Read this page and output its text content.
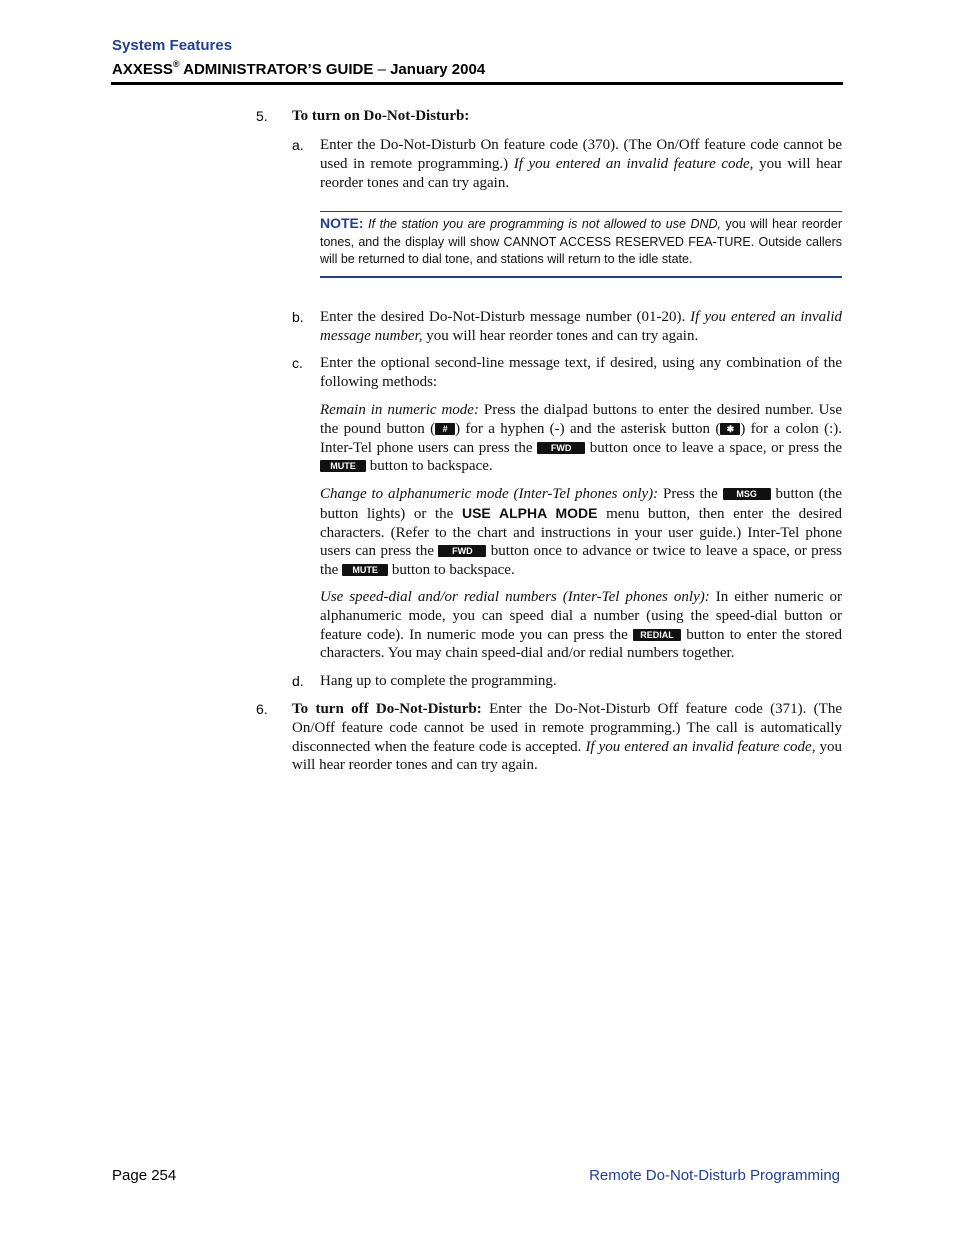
System Features
AXXESS® ADMINISTRATOR’S GUIDE – January 2004
5. To turn on Do-Not-Disturb:

a. Enter the Do-Not-Disturb On feature code (370). (The On/Off feature code cannot be used in remote programming.) If you entered an invalid feature code, you will hear reorder tones and can try again.

NOTE: If the station you are programming is not allowed to use DND, you will hear reorder tones, and the display will show CANNOT ACCESS RESERVED FEA-TURE. Outside callers will be returned to dial tone, and stations will return to the idle state.
b. Enter the desired Do-Not-Disturb message number (01-20). If you entered an invalid message number, you will hear reorder tones and can try again.

c. Enter the optional second-line message text, if desired, using any combination of the following methods:

Remain in numeric mode: Press the dialpad buttons to enter the desired number. Use the pound button ( # ) for a hyphen (-) and the asterisk button ( ✱ ) for a colon (:). Inter-Tel phone users can press the FWD button once to leave a space, or press the MUTE button to backspace.

Change to alphanumeric mode (Inter-Tel phones only): Press the MSG button (the button lights) or the USE ALPHA MODE menu button, then enter the desired characters. (Refer to the chart and instructions in your user guide.) Inter-Tel phone users can press the FWD button once to advance or twice to leave a space, or press the MUTE button to backspace.

Use speed-dial and/or redial numbers (Inter-Tel phones only): In either numeric or alphanumeric mode, you can speed dial a number (using the speed-dial button or feature code). In numeric mode you can press the REDIAL button to enter the stored characters. You may chain speed-dial and/or redial numbers together.

d. Hang up to complete the programming.

6. To turn off Do-Not-Disturb: Enter the Do-Not-Disturb Off feature code (371). (The On/Off feature code cannot be used in remote programming.) The call is automatically disconnected when the feature code is accepted. If you entered an invalid feature code, you will hear reorder tones and can try again.

Page 254	Remote Do-Not-Disturb Programming
